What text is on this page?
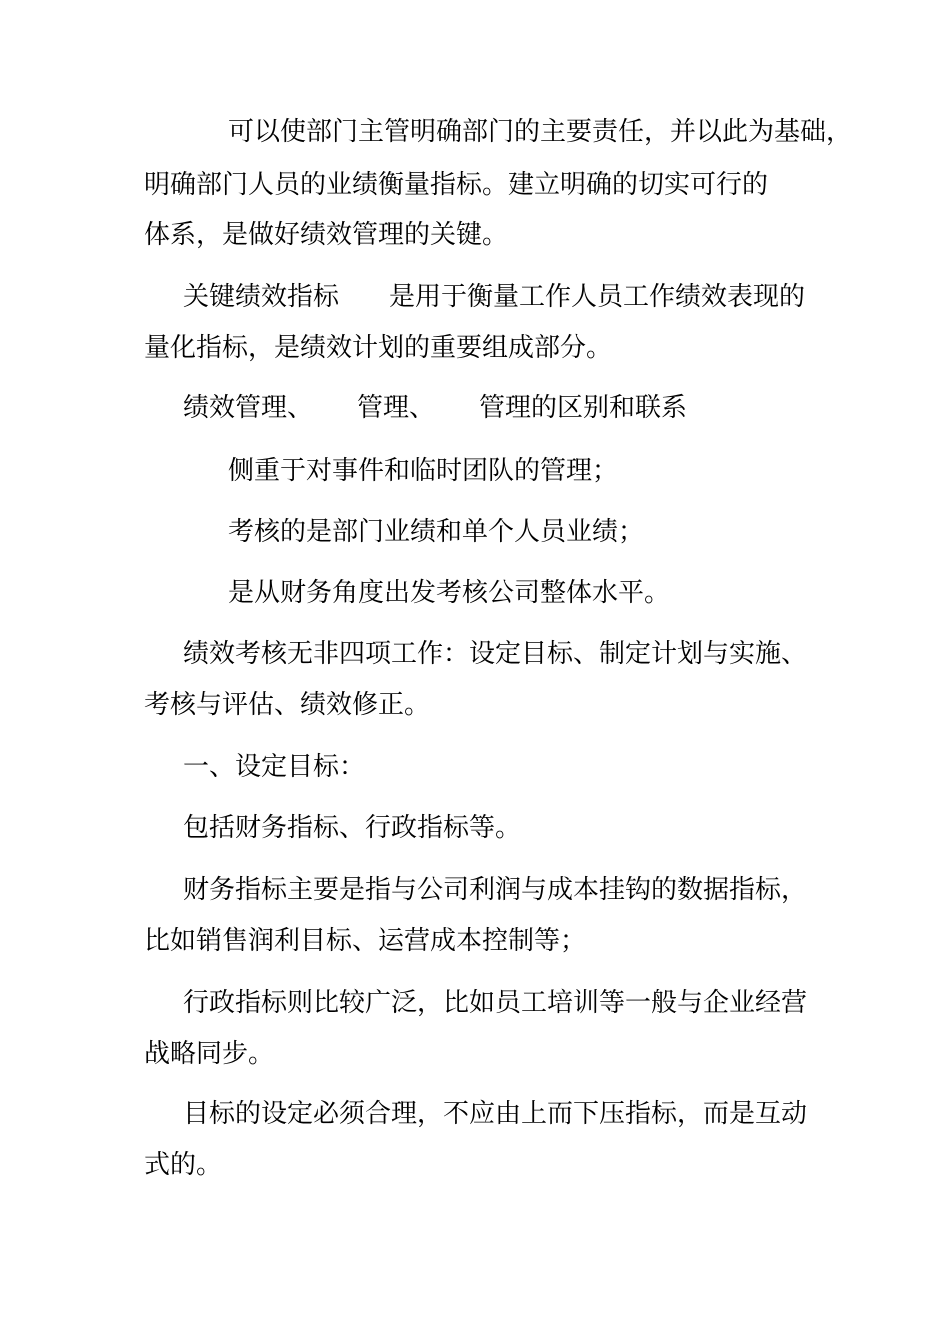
可以使部门主管明确部门的主要责任，并以此为基础，
明确部门人员的业绩衡量指标。建立明确的切实可行的
体系，是做好绩效管理的关键。
关键绩效指标 是用于衡量工作人员工作绩效表现的
量化指标，是绩效计划的重要组成部分。
绩效管理、 管理、 管理的区别和联系
侧重于对事件和临时团队的管理；
考核的是部门业绩和单个人员业绩；
是从财务角度出发考核公司整体水平。
绩效考核无非四项工作：设定目标、制定计划与实施、
考核与评估、绩效修正。
一、设定目标：
包括财务指标、行政指标等。
财务指标主要是指与公司利润与成本挂钩的数据指标，
比如销售润利目标、运营成本控制等；
行政指标则比较广泛，比如员工培训等一般与企业经营
战略同步。
目标的设定必须合理，不应由上而下压指标，而是互动
式的。
